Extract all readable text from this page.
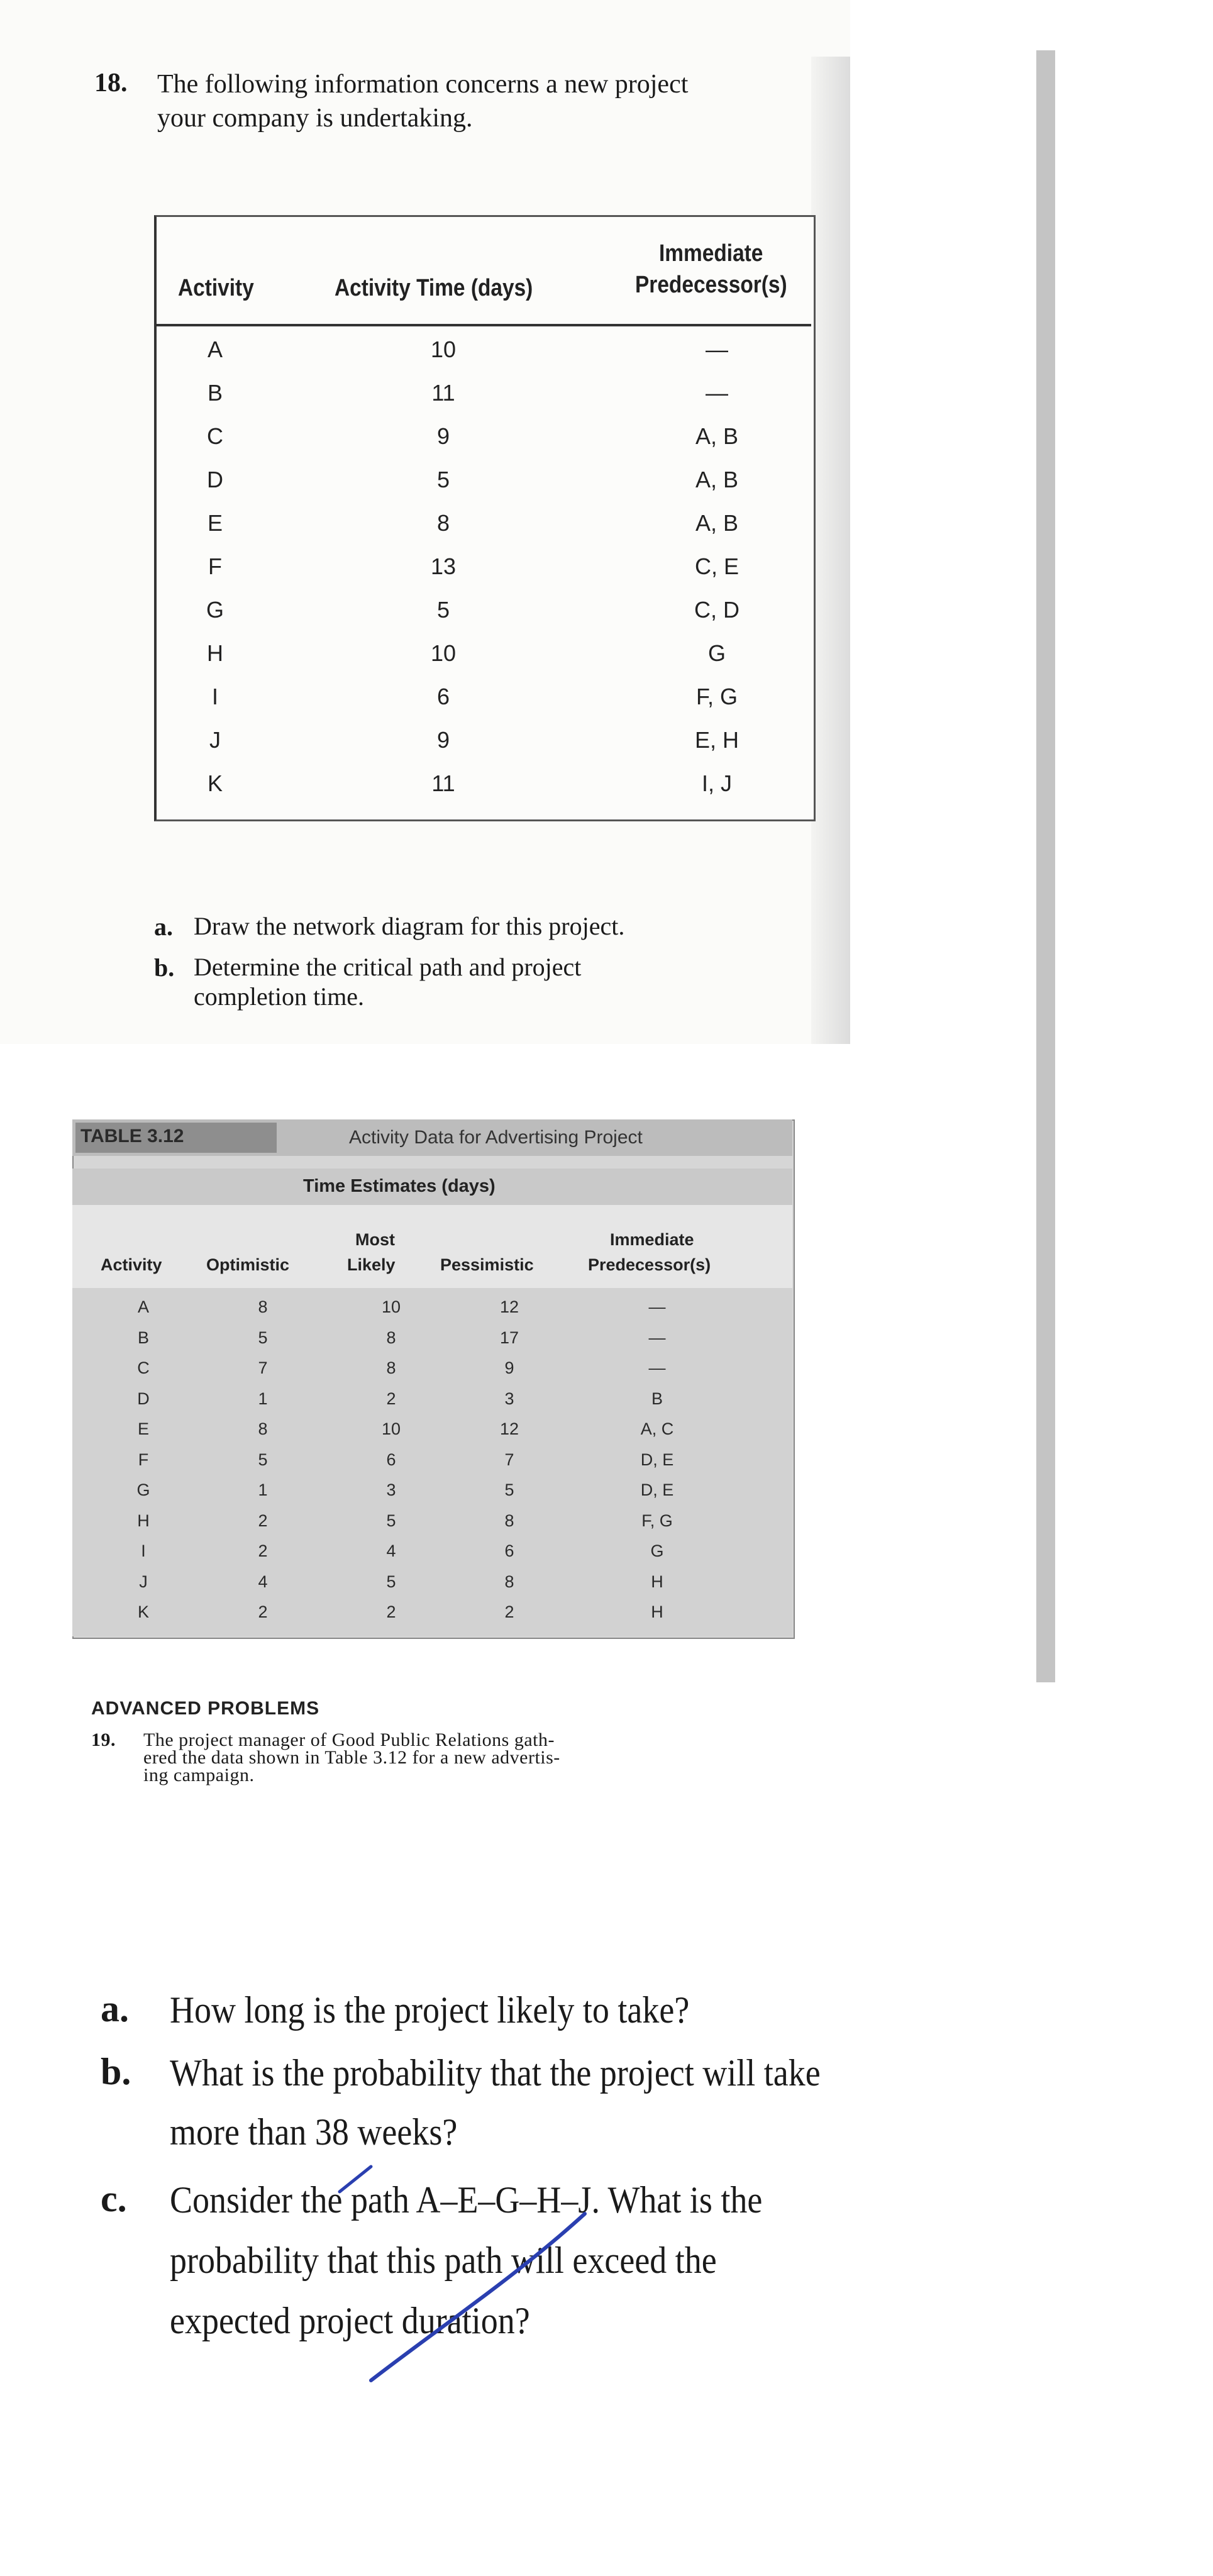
18. The following information concerns a new project
your company is undertaking.
Activity	Activity Time (days)
Immediate
Predecessor(s)
A	10	—
B	11	—
C	9	A, B
D	5	A, B
E	8	A, B
F	13	C, E
G	5	C, D
H	10	G
I	6	F, G
J	9	E, H
K	11	I, J
a. Draw the network diagram for this project.
b. Determine the critical path and project
completion time.
TABLE 3.12	Activity Data for Advertising Project
Time Estimates (days)
Activity	Optimistic
Most
Likely	Pessimistic
Immediate
Predecessor(s)
A	8	10	12	—
B	5	8	17	—
C	7	8	9	—
D	1	2	3	B
E	8	10	12	A, C
F	5	6	7	D, E
G	1	3	5	D, E
H	2	5	8	F, G
I	2	4	6	G
J	4	5	8	H
K	2	2	2	H
ADVANCED PROBLEMS
19. The project manager of Good Public Relations gath-
ered the data shown in Table 3.12 for a new advertis-
ing campaign.
a. How long is the project likely to take?
b. What is the probability that the project will take
more than 38 weeks?
c. Consider the path A–E–G–H–J. What is the
probability that this path will exceed the
expected project duration?
